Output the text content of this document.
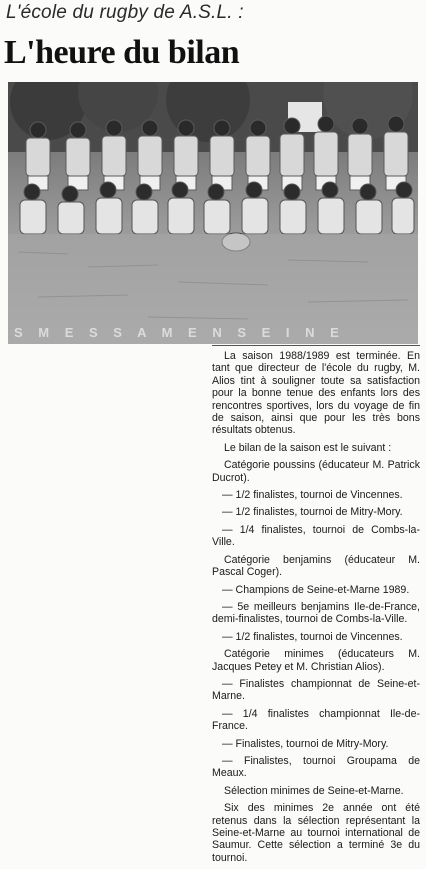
L'école du rugby de A.S.L. :
L'heure du bilan
S M E S S A M E N S E I N E

La saison 1988/1989 est terminée. En tant que directeur de l'école du rugby, M. Alios tint à souligner toute sa satisfaction pour la bonne tenue des enfants lors des rencontres sportives, lors du voyage de fin de saison, ainsi que pour les très bons résultats obtenus.

Le bilan de la saison est le suivant :

Catégorie poussins (éducateur M. Patrick Ducrot).

— 1/2 finalistes, tournoi de Vincennes.

— 1/2 finalistes, tournoi de Mitry-Mory.

— 1/4 finalistes, tournoi de Combs-la-Ville.

Catégorie benjamins (éducateur M. Pascal Coger).

— Champions de Seine-et-Marne 1989.

— 5e meilleurs benjamins Ile-de-France, demi-finalistes, tournoi de Combs-la-Ville.

— 1/2 finalistes, tournoi de Vincennes.

Catégorie minimes (éducateurs M. Jacques Petey et M. Christian Alios).

— Finalistes championnat de Seine-et-Marne.

— 1/4 finalistes championnat Ile-de-France.

— Finalistes, tournoi de Mitry-Mory.

— Finalistes, tournoi Groupama de Meaux.

Sélection minimes de Seine-et-Marne.

Six des minimes 2e année ont été retenus dans la sélection représentant la Seine-et-Marne au tournoi international de Saumur. Cette sélection a terminé 3e du tournoi.
